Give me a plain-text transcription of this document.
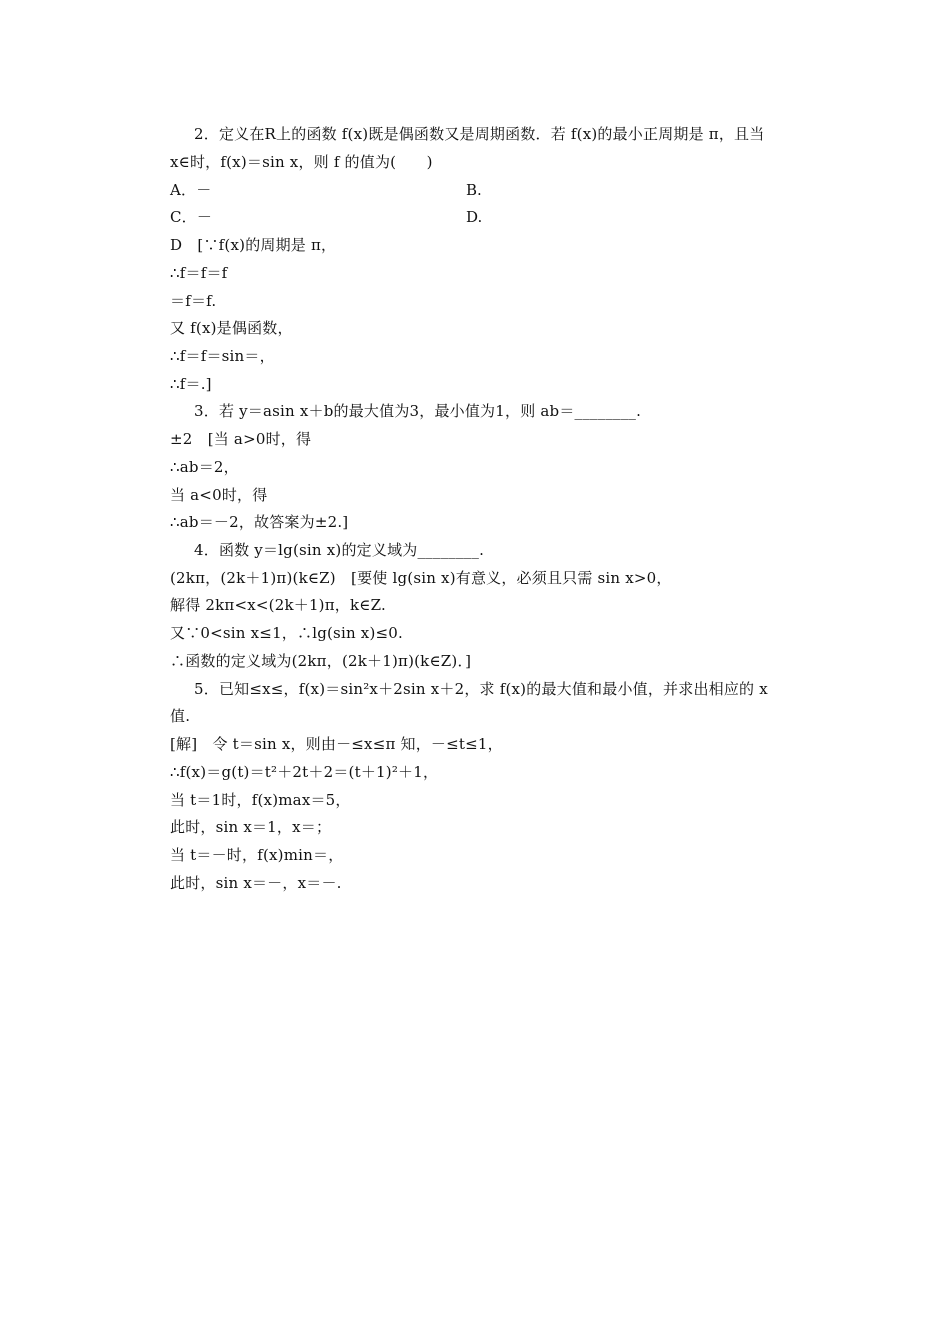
2．定义在R上的函数 f(x)既是偶函数又是周期函数．若 f(x)的最小正周期是 π，且当
x∈时，f(x)＝sin x，则 f 的值为(　　)
A．－	B.
C．－	D.
D　[∵f(x)的周期是 π，
∴f＝f＝f
＝f＝f.
又 f(x)是偶函数，
∴f＝f＝sin＝，
∴f＝.]
3．若 y＝asin x＋b的最大值为3，最小值为1，则 ab＝________.
±2　[当 a>0时，得
∴ab＝2，
当 a<0时，得
∴ab＝－2，故答案为±2.]
4．函数 y＝lg(sin x)的定义域为________.
(2kπ，(2k＋1)π)(k∈Z)　[要使 lg(sin x)有意义，必须且只需 sin x>0，
解得 2kπ<x<(2k＋1)π，k∈Z.
又∵0<sin x≤1，∴lg(sin x)≤0.
∴函数的定义域为(2kπ，(2k＋1)π)(k∈Z)．]
5．已知≤x≤，f(x)＝sin²x＋2sin x＋2，求 f(x)的最大值和最小值，并求出相应的 x
值.
[解]　令 t＝sin x，则由－≤x≤π 知，－≤t≤1，
∴f(x)＝g(t)＝t²＋2t＋2＝(t＋1)²＋1，
当 t＝1时，f(x)max＝5，
此时，sin x＝1，x＝；
当 t＝－时，f(x)min＝，
此时，sin x＝－，x＝－.
